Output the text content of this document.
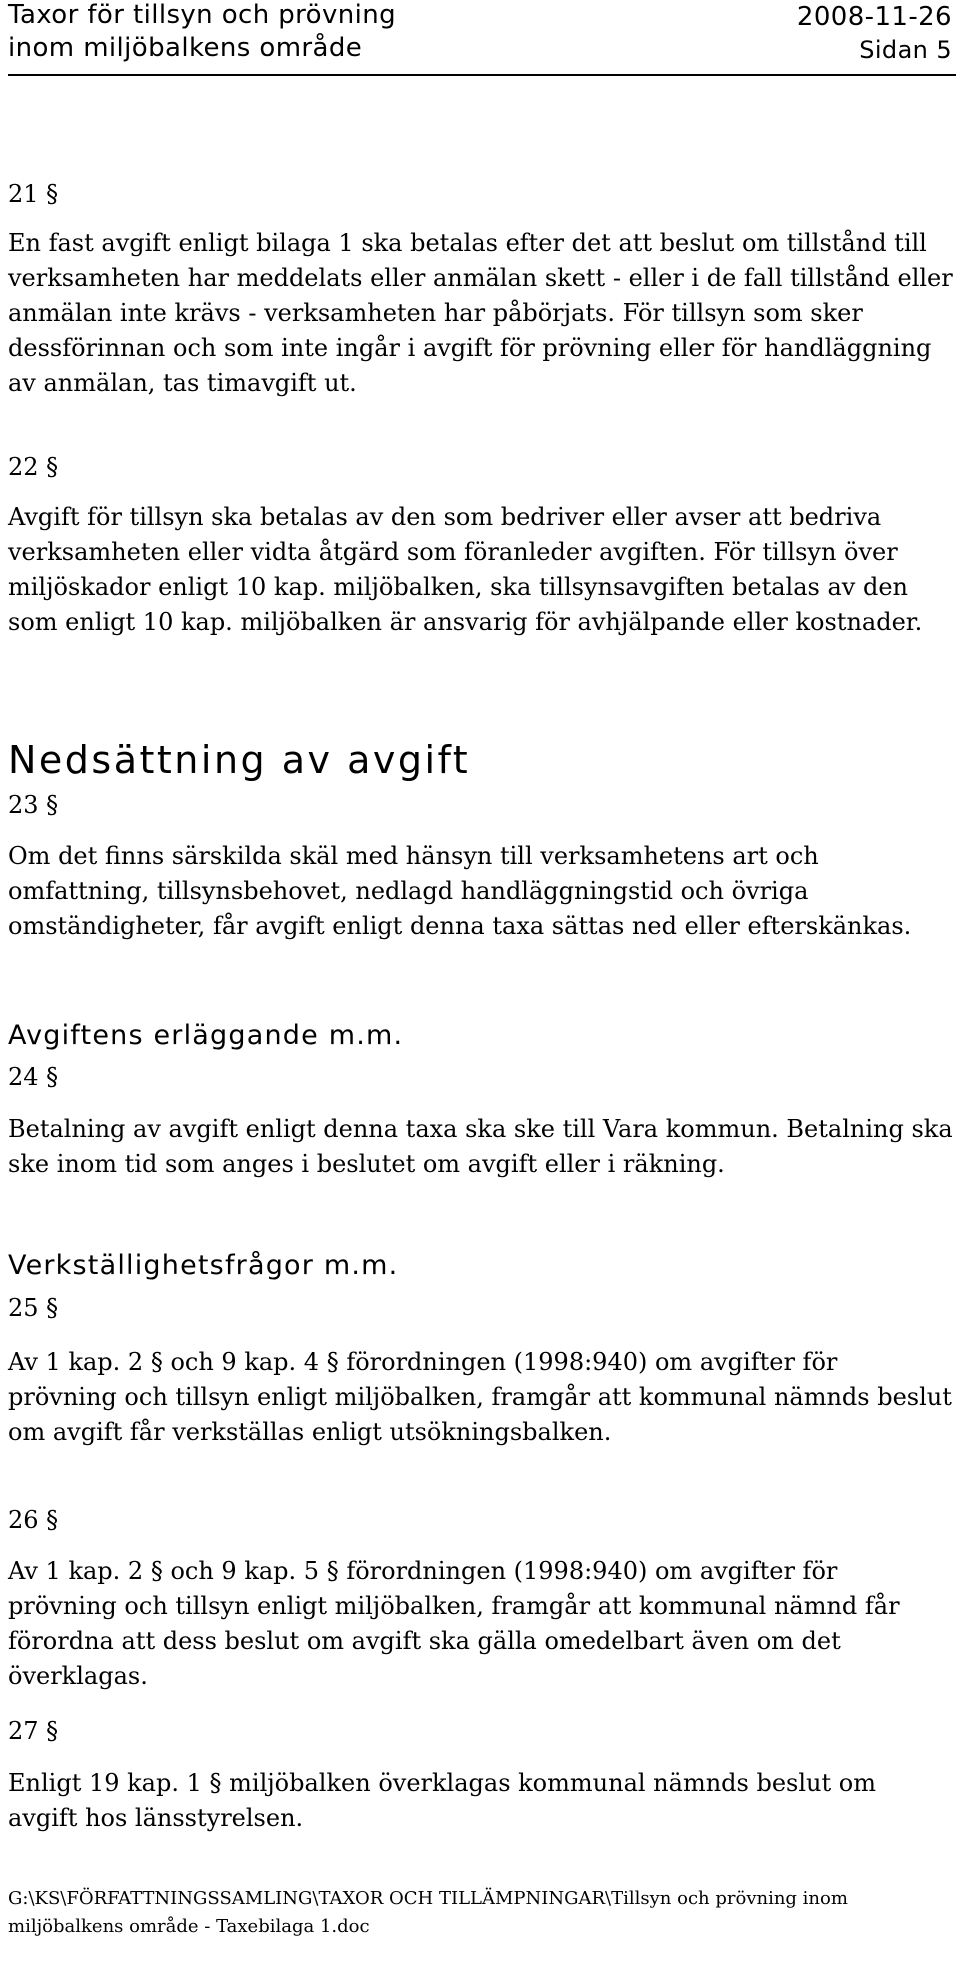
Taxor för tillsyn och prövning	2008-11-26
inom miljöbalkens område	Sidan 5
21 §

En fast avgift enligt bilaga 1 ska betalas efter det att beslut om tillstånd till verksamheten har meddelats eller anmälan skett - eller i de fall tillstånd eller anmälan inte krävs - verksamheten har påbörjats. För tillsyn som sker dessförinnan och som inte ingår i avgift för prövning eller för handläggning av anmälan, tas timavgift ut.

22 §

Avgift för tillsyn ska betalas av den som bedriver eller avser att bedriva verksamheten eller vidta åtgärd som föranleder avgiften. För tillsyn över miljöskador enligt 10 kap. miljöbalken, ska tillsynsavgiften betalas av den som enligt 10 kap. miljöbalken är ansvarig för avhjälpande eller kostnader.

Nedsättning av avgift
23 §

Om det finns särskilda skäl med hänsyn till verksamhetens art och omfattning, tillsynsbehovet, nedlagd handläggningstid och övriga omständigheter, får avgift enligt denna taxa sättas ned eller efterskänkas.

Avgiftens erläggande m.m.
24 §

Betalning av avgift enligt denna taxa ska ske till Vara kommun. Betalning ska ske inom tid som anges i beslutet om avgift eller i räkning.

Verkställighetsfrågor m.m.
25 §

Av 1 kap. 2 § och 9 kap. 4 § förordningen (1998:940) om avgifter för prövning och tillsyn enligt miljöbalken, framgår att kommunal nämnds beslut om avgift får verkställas enligt utsökningsbalken.

26 §

Av 1 kap. 2 § och 9 kap. 5 § förordningen (1998:940) om avgifter för prövning och tillsyn enligt miljöbalken, framgår att kommunal nämnd får förordna att dess beslut om avgift ska gälla omedelbart även om det överklagas.

27 §

Enligt 19 kap. 1 § miljöbalken överklagas kommunal nämnds beslut om avgift hos länsstyrelsen.

G:\KS\FÖRFATTNINGSSAMLING\TAXOR OCH TILLÄMPNINGAR\Tillsyn och prövning inom miljöbalkens område - Taxebilaga 1.doc
